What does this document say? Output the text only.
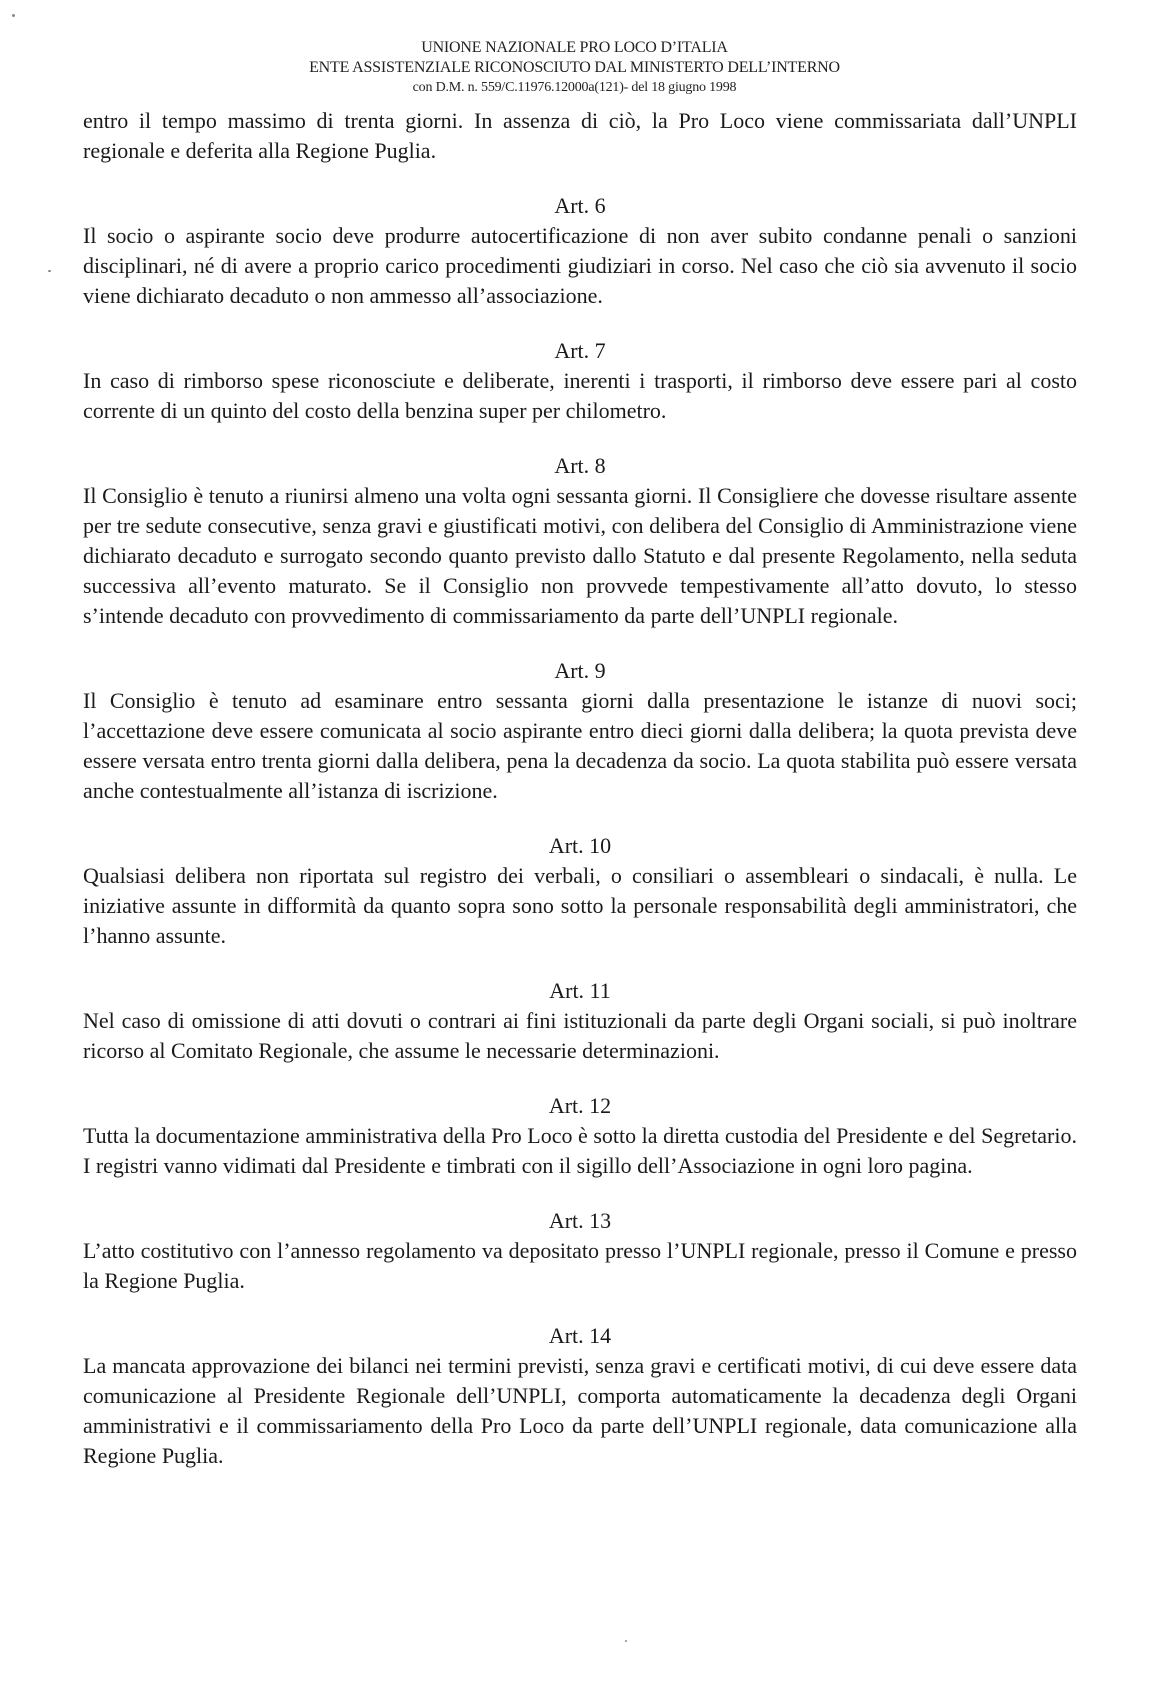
UNIONE NAZIONALE PRO LOCO D’ITALIA
ENTE ASSISTENZIALE RICONOSCIUTO DAL MINISTERTO DELL’INTERNO
con D.M. n. 559/C.11976.12000a(121)- del 18 giugno 1998

entro il tempo massimo di trenta giorni. In assenza di ciò, la Pro Loco viene commissariata dall’UNPLI regionale e deferita alla Regione Puglia.

Art. 6

Il socio o aspirante socio deve produrre autocertificazione di non aver subito condanne penali o sanzioni disciplinari, né di avere a proprio carico procedimenti giudiziari in corso. Nel caso che ciò sia avvenuto il socio viene dichiarato decaduto o non ammesso all’associazione.

Art. 7

In caso di rimborso spese riconosciute e deliberate, inerenti i trasporti, il rimborso deve essere pari al costo corrente di un quinto del costo della benzina super per chilometro.

Art. 8

Il Consiglio è tenuto a riunirsi almeno una volta ogni sessanta giorni. Il Consigliere che dovesse risultare assente per tre sedute consecutive, senza gravi e giustificati motivi, con delibera del Consiglio di Amministrazione viene dichiarato decaduto e surrogato secondo quanto previsto dallo Statuto e dal presente Regolamento, nella seduta successiva all’evento maturato. Se il Consiglio non provvede tempestivamente all’atto dovuto, lo stesso s’intende decaduto con provvedimento di commissariamento da parte dell’UNPLI regionale.

Art. 9

Il Consiglio è tenuto ad esaminare entro sessanta giorni dalla presentazione le istanze di nuovi soci; l’accettazione deve essere comunicata al socio aspirante entro dieci giorni dalla delibera; la quota prevista deve essere versata entro trenta giorni dalla delibera, pena la decadenza da socio. La quota stabilita può essere versata anche contestualmente all’istanza di iscrizione.

Art. 10

Qualsiasi delibera non riportata sul registro dei verbali, o consiliari o assembleari o sindacali, è nulla. Le iniziative assunte in difformità da quanto sopra sono sotto la personale responsabilità degli amministratori, che l’hanno assunte.

Art. 11

Nel caso di omissione di atti dovuti o contrari ai fini istituzionali da parte degli Organi sociali, si può inoltrare ricorso al Comitato Regionale, che assume le necessarie determinazioni.

Art. 12

Tutta la documentazione amministrativa della Pro Loco è sotto la diretta custodia del Presidente e del Segretario. I registri vanno vidimati dal Presidente e timbrati con il sigillo dell’Associazione in ogni loro pagina.

Art. 13

L’atto costitutivo con l’annesso regolamento va depositato presso l’UNPLI regionale, presso il Comune e presso la Regione Puglia.

Art. 14

La mancata approvazione dei bilanci nei termini previsti, senza gravi e certificati motivi, di cui deve essere data comunicazione al Presidente Regionale dell’UNPLI, comporta automaticamente la decadenza degli Organi amministrativi e il commissariamento della Pro Loco da parte dell’UNPLI regionale, data comunicazione alla Regione Puglia.
